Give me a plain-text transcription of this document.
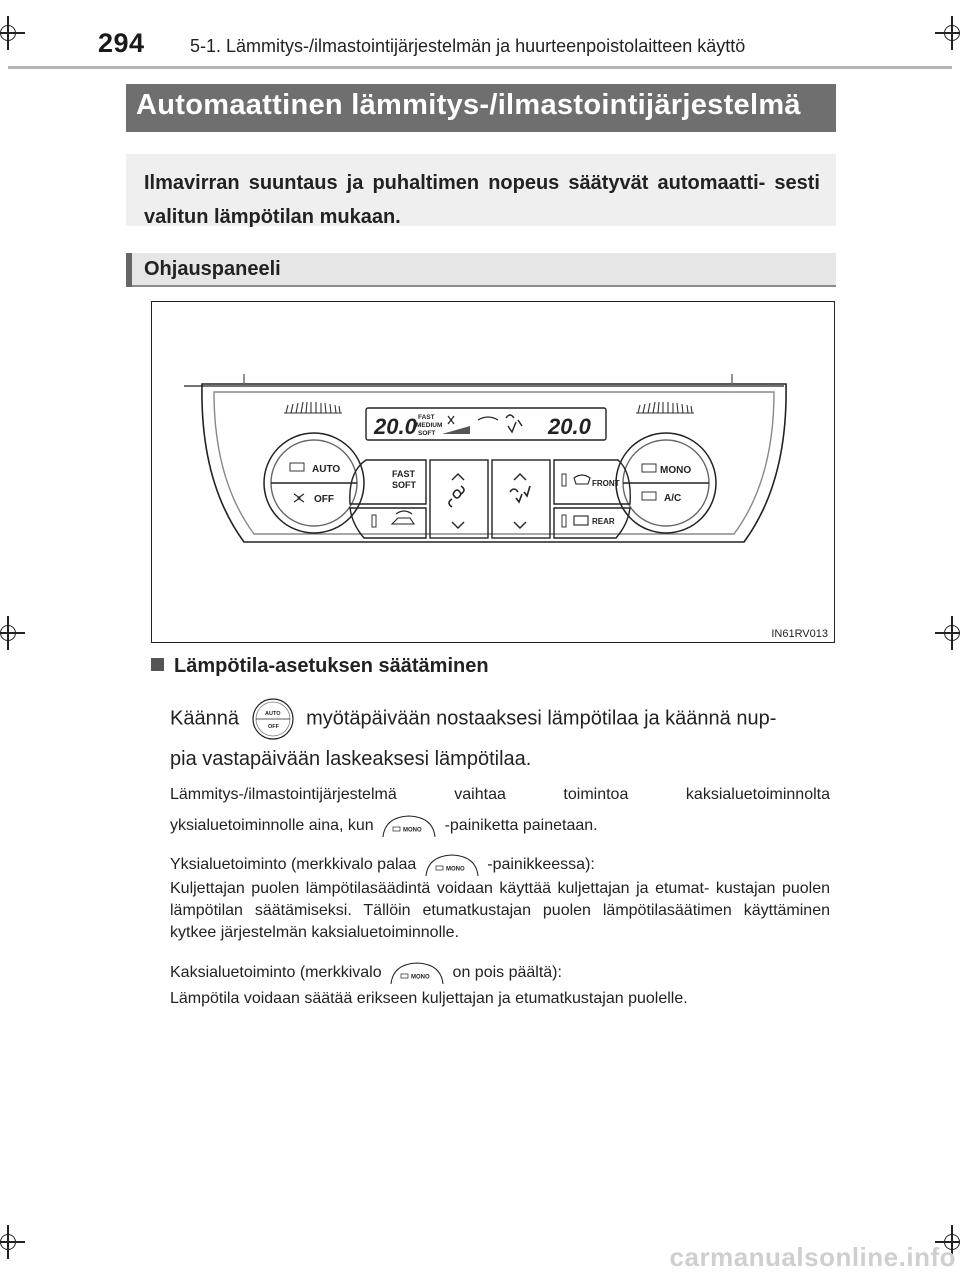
294	5-1. Lämmitys-/ilmastointijärjestelmän ja huurteenpoistolaitteen käyttö
Automaattinen lämmitys-/ilmastointijärjestelmä

Ilmavirran suuntaus ja puhaltimen nopeus säätyvät automaatti- sesti valitun lämpötilan mukaan.

Ohjauspaneeli
20.0 FAST
MEDIUM
SOFT	20.0
AUTO
OFF
MONO
A/C
FAST
SOFT	FRONT
REAR
IN61RV013
Lämpötila-asetuksen säätäminen
Käännä	AUTO
OFF myötäpäivään nostaaksesi lämpötilaa ja käännä nup-
pia vastapäivään laskeaksesi lämpötilaa.
Lämmitys-/ilmastointijärjestelmä vaihtaa toimintoa kaksialuetoiminnolta
yksialuetoiminnolle aina, kun	MONO -painiketta painetaan.
Yksialuetoiminto (merkkivalo palaa	MONO -painikkeessa):
Kuljettajan puolen lämpötilasäädintä voidaan käyttää kuljettajan ja etumat- kustajan puolen lämpötilan säätämiseksi. Tällöin etumatkustajan puolen lämpötilasäätimen käyttäminen kytkee järjestelmän kaksialuetoiminnolle.
Kaksialuetoiminto (merkkivalo	MONO on pois päältä):
Lämpötila voidaan säätää erikseen kuljettajan ja etumatkustajan puolelle.
carmanualsonline.info
